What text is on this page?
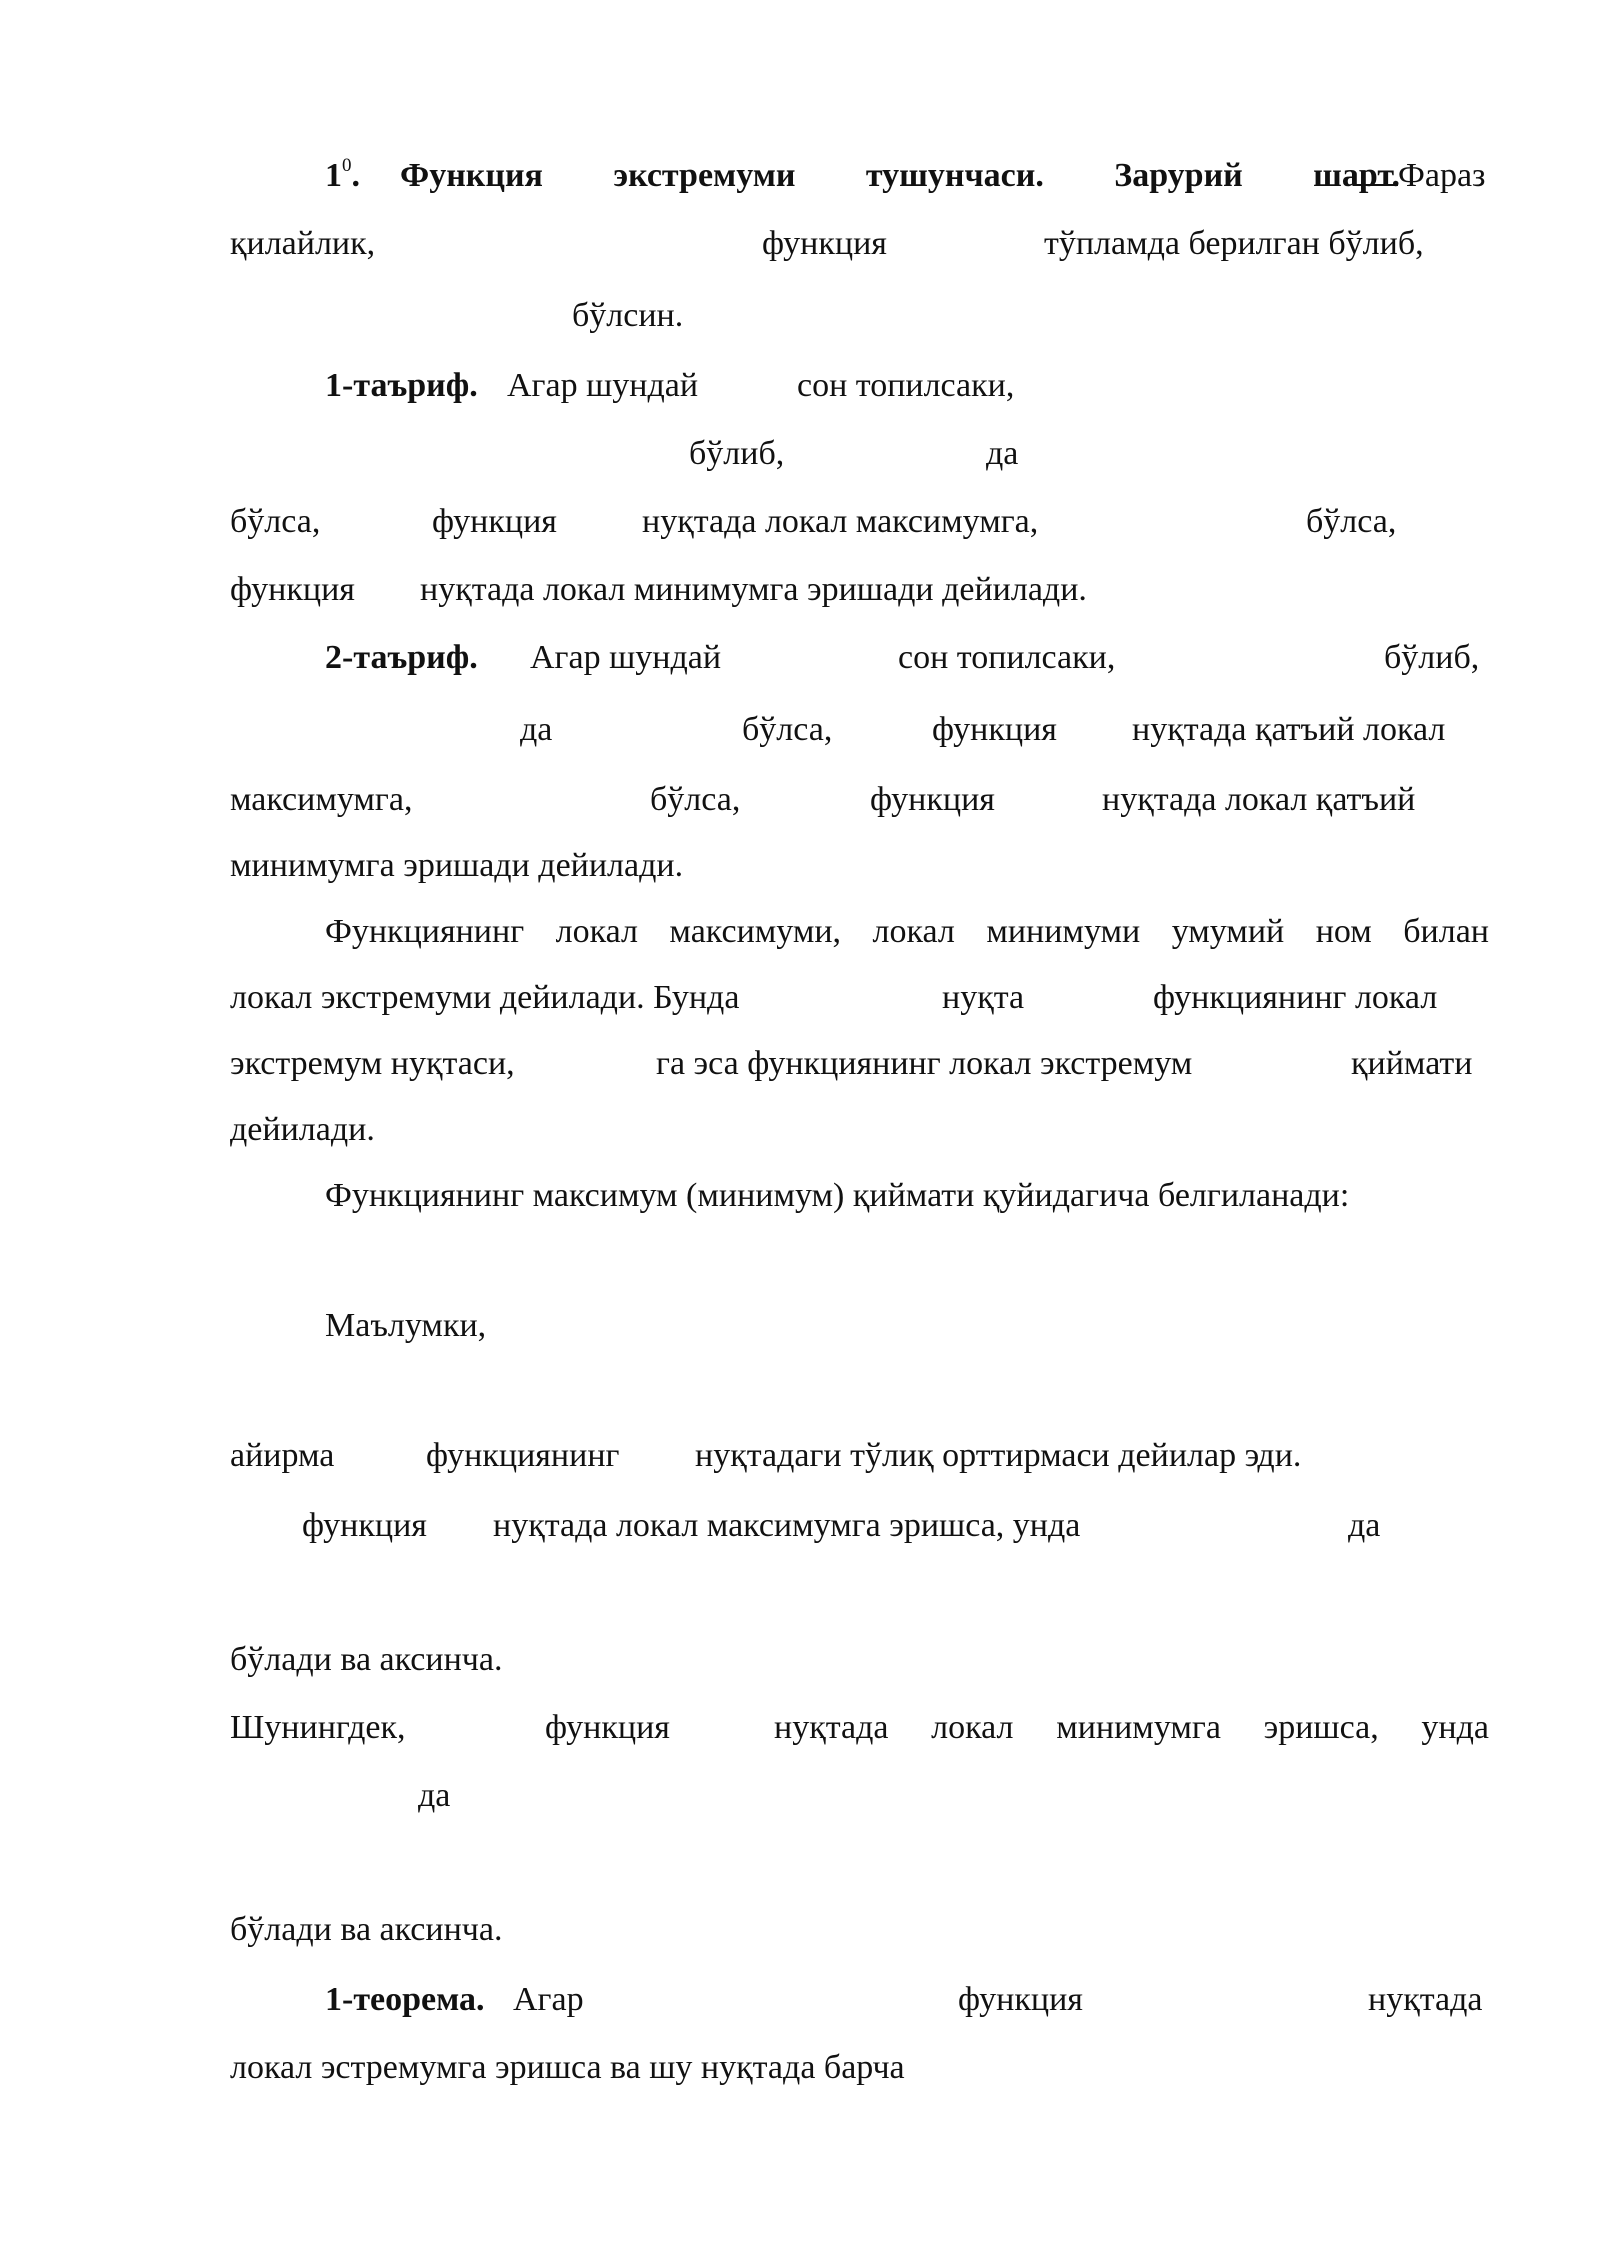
$1^0$. Функция экстремуми тушунчаси. Зарурий шарт.
Фараз
қилайлик,	функция	тўпламда берилган бўлиб,
бўлсин.
1-таъриф. Агар шундай	сон топилсаки,
бўлиб,	да
бўлса,	функция	нуқтада локал максимумга,	бўлса,
функция нуқтада локал минимумга эришади дейилади.
2-таъриф. Агар шундай	сон топилсаки,	бўлиб,
да	бўлса,	функция нуқтада қатъий локал
максимумга,	бўлса,	функция	нуқтада локал қатъий
минимумга эришади дейилади.
Функциянинг локал максимуми, локал минимуми умумий ном билан
локал экстремуми дейилади. Бунда	нуқта	функциянинг локал
экстремум нуқтаси,	га эса функциянинг локал экстремум	қиймати
дейилади.
Функциянинг максимум (минимум) қиймати қуйидагича белгиланади:
Маълумки,
айирма	функциянинг нуқтадаги тўлиқ орттирмаси дейилар эди.
функция нуқтада локал максимумга эришса, унда	да
бўлади ва аксинча.
Шунингдек,	функция	нуқтада локал минимумга эришса, унда
да
бўлади ва аксинча.
1-теорема. Агар	функция	нуқтада
локал эстремумга эришса ва шу нуқтада барча
